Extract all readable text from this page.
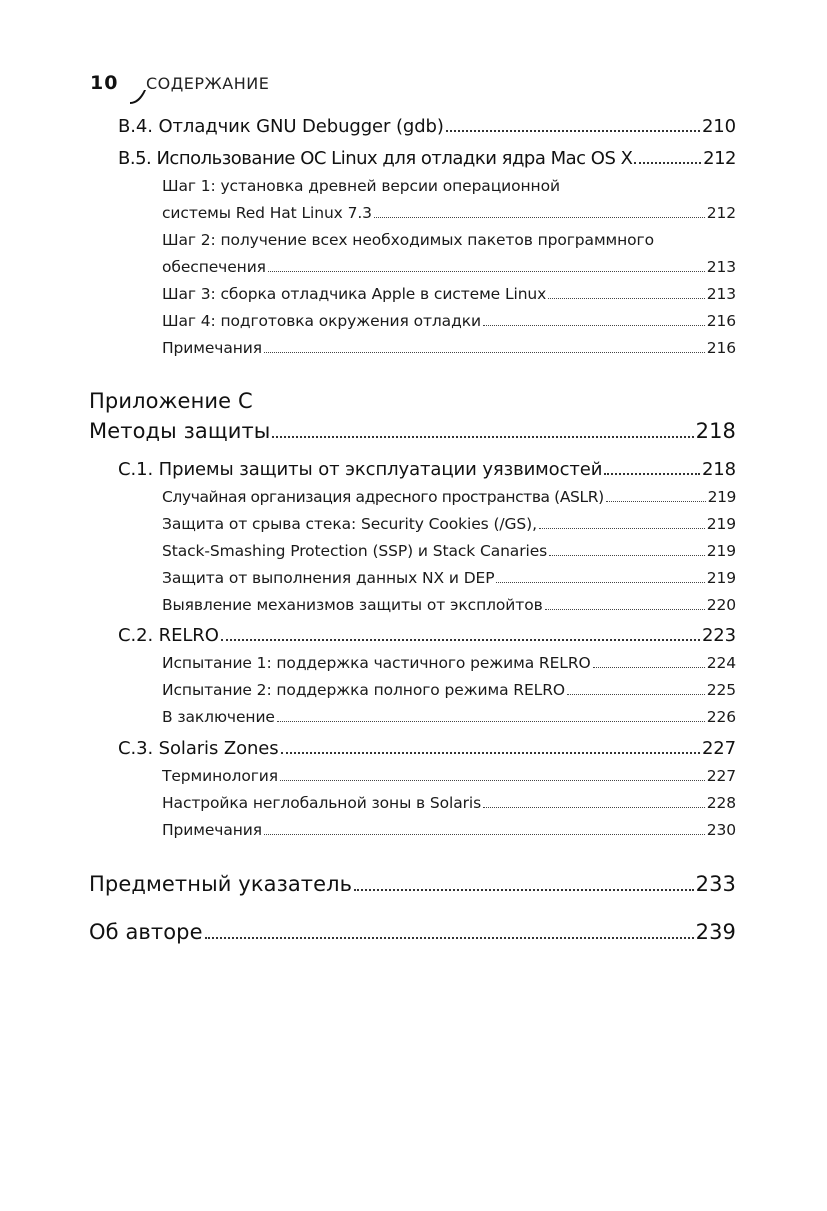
10 СОДЕРЖАНИЕ
B.4. Отладчик GNU Debugger (gdb)	210
B.5. Использование ОС Linux для отладки ядра Mac OS X	212
Шаг 1: установка древней версии операционной
системы Red Hat Linux 7.3	212
Шаг 2: получение всех необходимых пакетов программного
обеспечения	213
Шаг 3: сборка отладчика Apple в системе Linux	213
Шаг 4: подготовка окружения отладки	216
Примечания	216
Приложение C
Методы защиты	218
C.1. Приемы защиты от эксплуатации уязвимостей	218
Случайная организация адресного пространства (ASLR)	219
Защита от срыва стека: Security Cookies (/GS),	219
Stack-Smashing Protection (SSP) и Stack Canaries	219
Защита от выполнения данных NX и DEP	219
Выявление механизмов защиты от эксплойтов	220
C.2. RELRO	223
Испытание 1: поддержка частичного режима RELRO	224
Испытание 2: поддержка полного режима RELRO	225
В заключение	226
C.3. Solaris Zones	227
Терминология	227
Настройка неглобальной зоны в Solaris	228
Примечания	230
Предметный указатель	233
Об авторе	239
